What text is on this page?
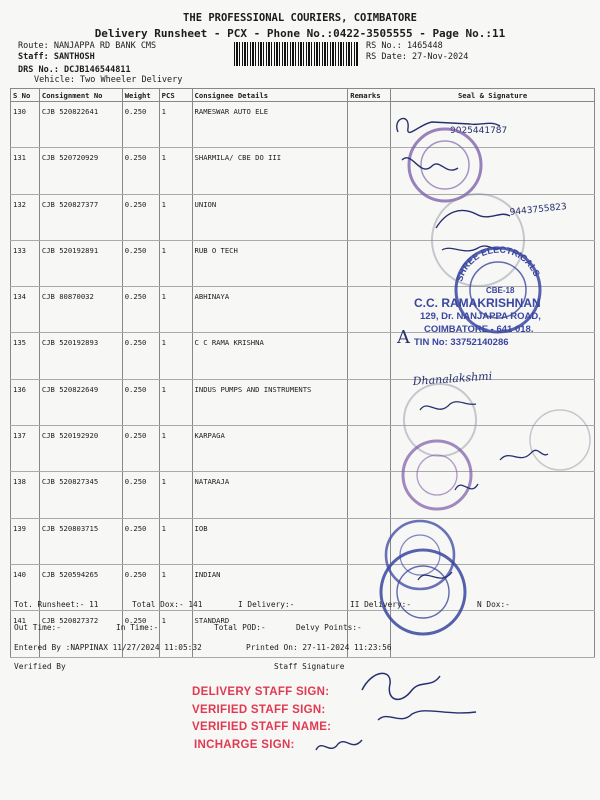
THE PROFESSIONAL COURIERS, COIMBATORE
Delivery Runsheet - PCX - Phone No.:0422-3505555 - Page No.:11
Route: NANJAPPA RD BANK CMS
Staff: SANTHOSH
DRS No.: DCJB146544811
Vehicle: Two Wheeler Delivery
RS No.: 1465448
RS Date: 27-Nov-2024
S No	Consignment No	Weight	PCS	Consignee Details	Remarks	Seal & Signature
130	CJB 520822641	0.250	1	RAMESWAR AUTO ELE		
131	CJB 520720929	0.250	1	SHARMILA/ CBE DO III		
132	CJB 520827377	0.250	1	UNION		
133	CJB 520192891	0.250	1	RUB O TECH		
134	CJB 80870032	0.250	1	ABHINAYA		
135	CJB 520192893	0.250	1	C C RAMA KRISHNA		
136	CJB 520822649	0.250	1	INDUS PUMPS AND INSTRUMENTS		
137	CJB 520192920	0.250	1	KARPAGA		
138	CJB 520827345	0.250	1	NATARAJA		
139	CJB 520803715	0.250	1	IOB		
140	CJB 520594265	0.250	1	INDIAN		
141	CJB 520827372	0.250	1	STANDARD		
9025441787
9443755823
SHREE ELECTRICALS
CBE-18
A
Dhanalakshmi
C.C. RAMAKRISHNAN
129, Dr. NANJAPPA ROAD,
COIMBATORE - 641 018.
TIN No: 33752140286
Tot. Runsheet:- 11	Total Dox:- 141	I Delivery:-	II Delivery:-	N Dox:-
Out Time:-	In Time:-	Total POD:-	Delvy Points:-
Entered By :NAPPINAX 11/27/2024 11:05:32	Printed On: 27-11-2024 11:23:56
Verified By	Staff Signature
DELIVERY STAFF SIGN:
VERIFIED STAFF SIGN:
VERIFIED STAFF NAME:
INCHARGE SIGN:
